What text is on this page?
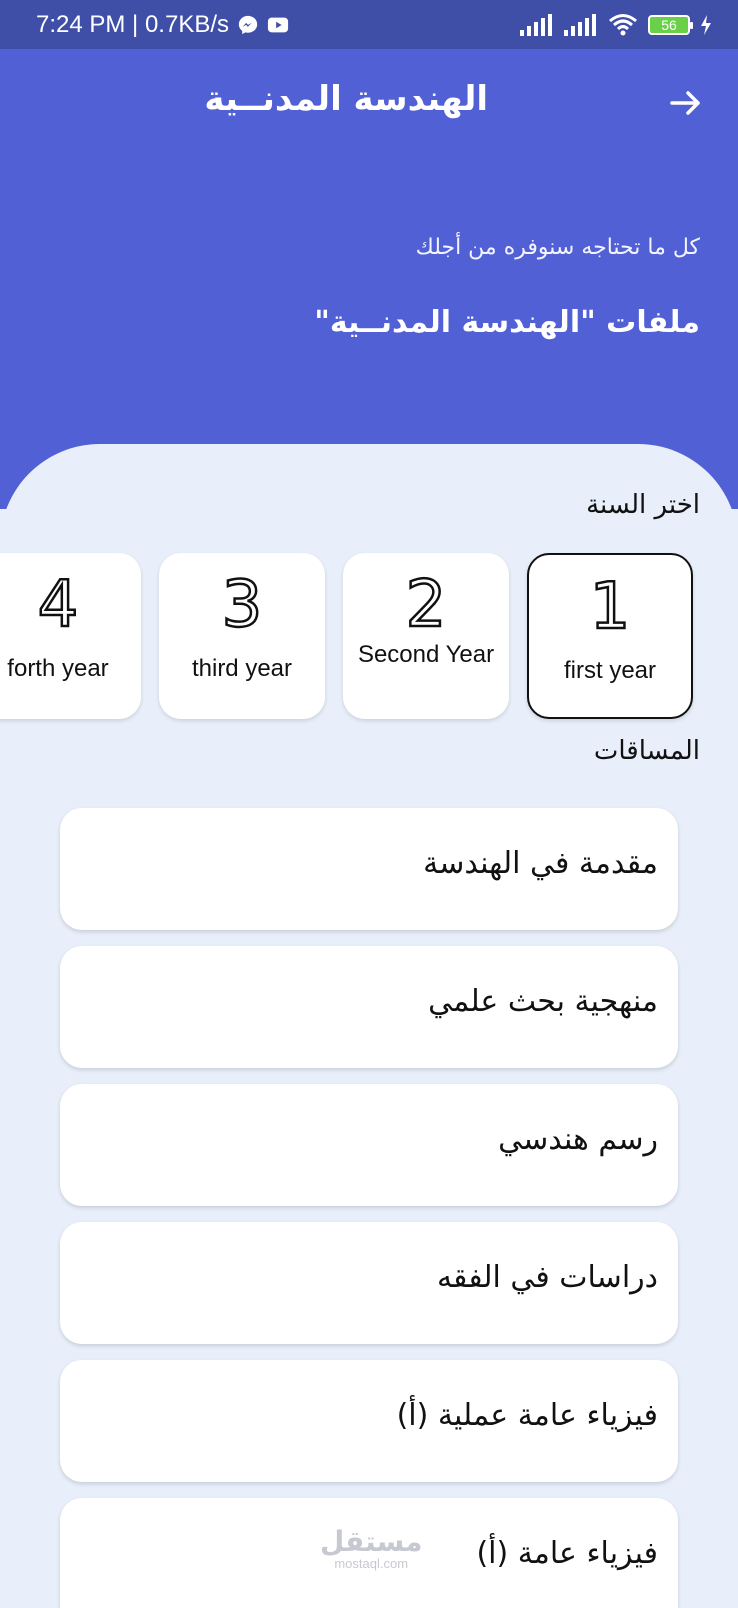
7:24 PM | 0.7KB/s	56
الهندسة المدنــية
كل ما تحتاجه سنوفره من أجلك
ملفات "الهندسة المدنــية"
اختر السنة
1
first year
2
Second Year
3
third year
4
forth year
المساقات
مقدمة في الهندسة
منهجية بحث علمي
رسم هندسي
دراسات في الفقه
فيزياء عامة عملية (أ)
فيزياء عامة (أ)
مستقل
mostaql.com
